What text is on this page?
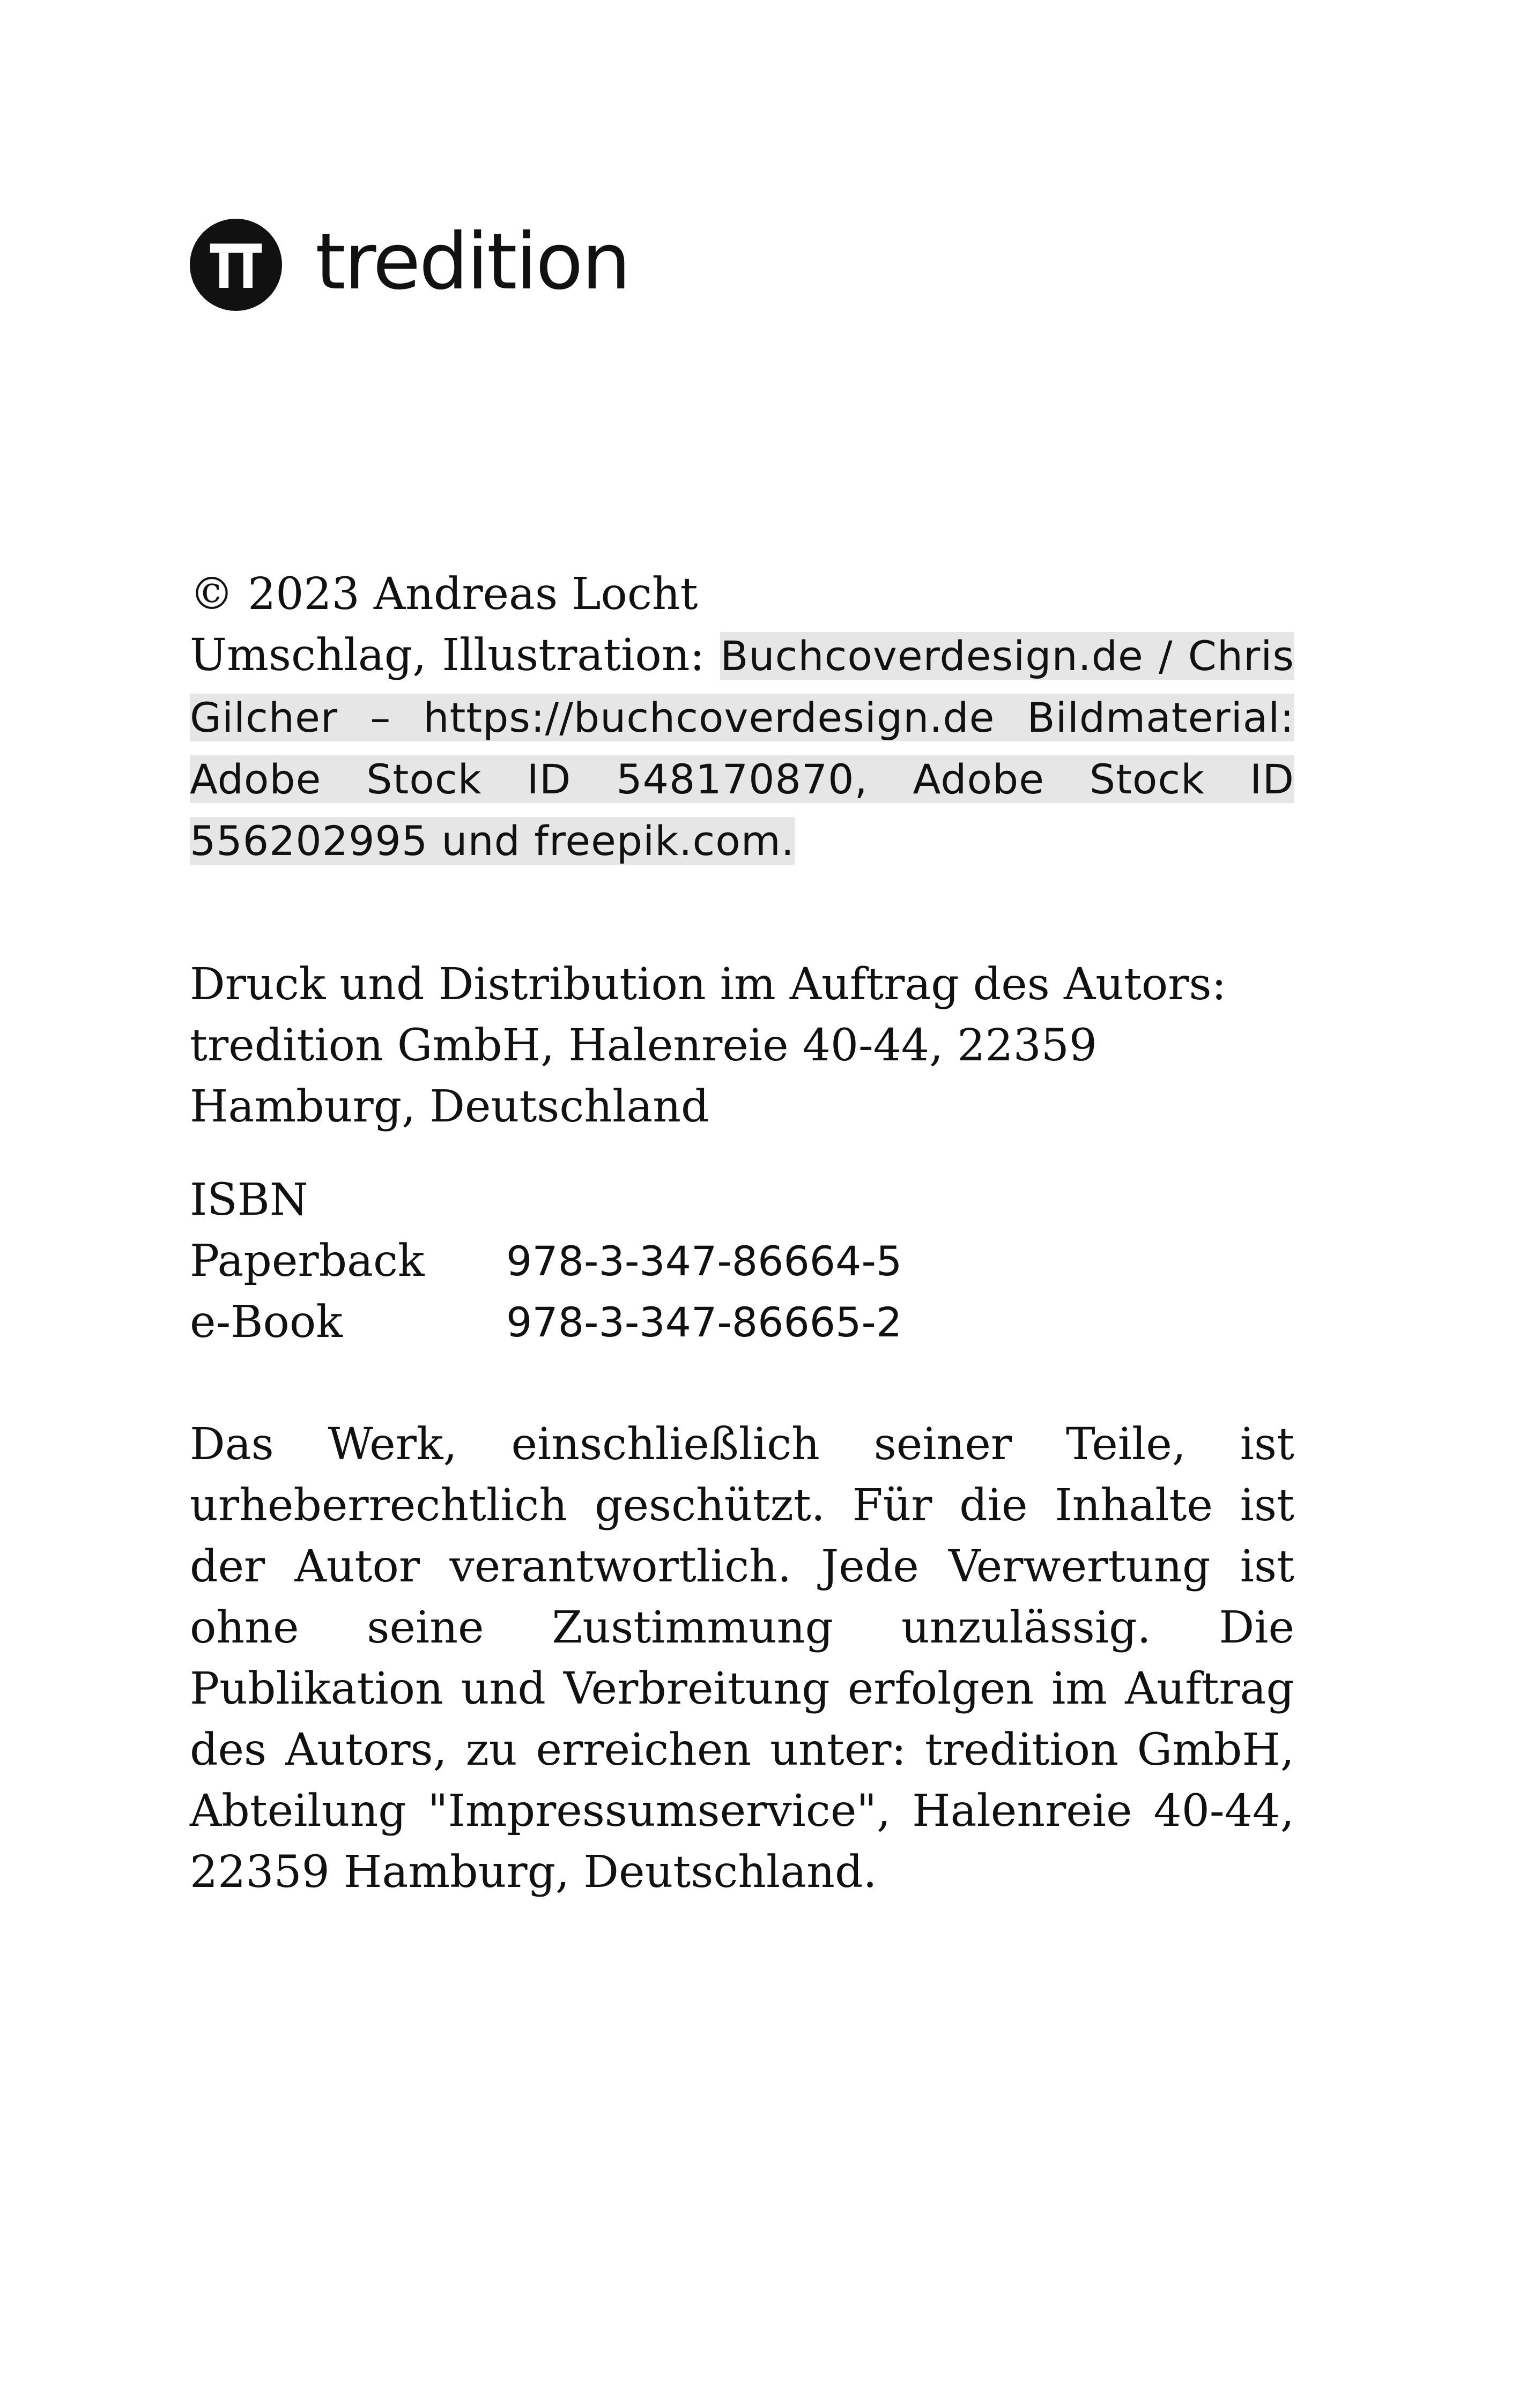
tredition
© 2023 Andreas Locht
Umschlag, Illustration: Buchcoverdesign.de / Chris Gilcher – https://buchcoverdesign.de Bildmaterial: Adobe Stock ID 548170870, Adobe Stock ID 556202995 und freepik.com.
Druck und Distribution im Auftrag des Autors: tredition GmbH, Halenreie 40-44, 22359 Hamburg, Deutschland
ISBN
Paperback	978-3-347-86664-5
e-Book	978-3-347-86665-2
Das Werk, einschließlich seiner Teile, ist urheberrechtlich geschützt. Für die Inhalte ist der Autor verantwortlich. Jede Verwertung ist ohne seine Zustimmung unzulässig. Die Publikation und Verbreitung erfolgen im Auftrag des Autors, zu erreichen unter: tredition GmbH, Abteilung "Impressumservice", Halenreie 40-44, 22359 Hamburg, Deutschland.
